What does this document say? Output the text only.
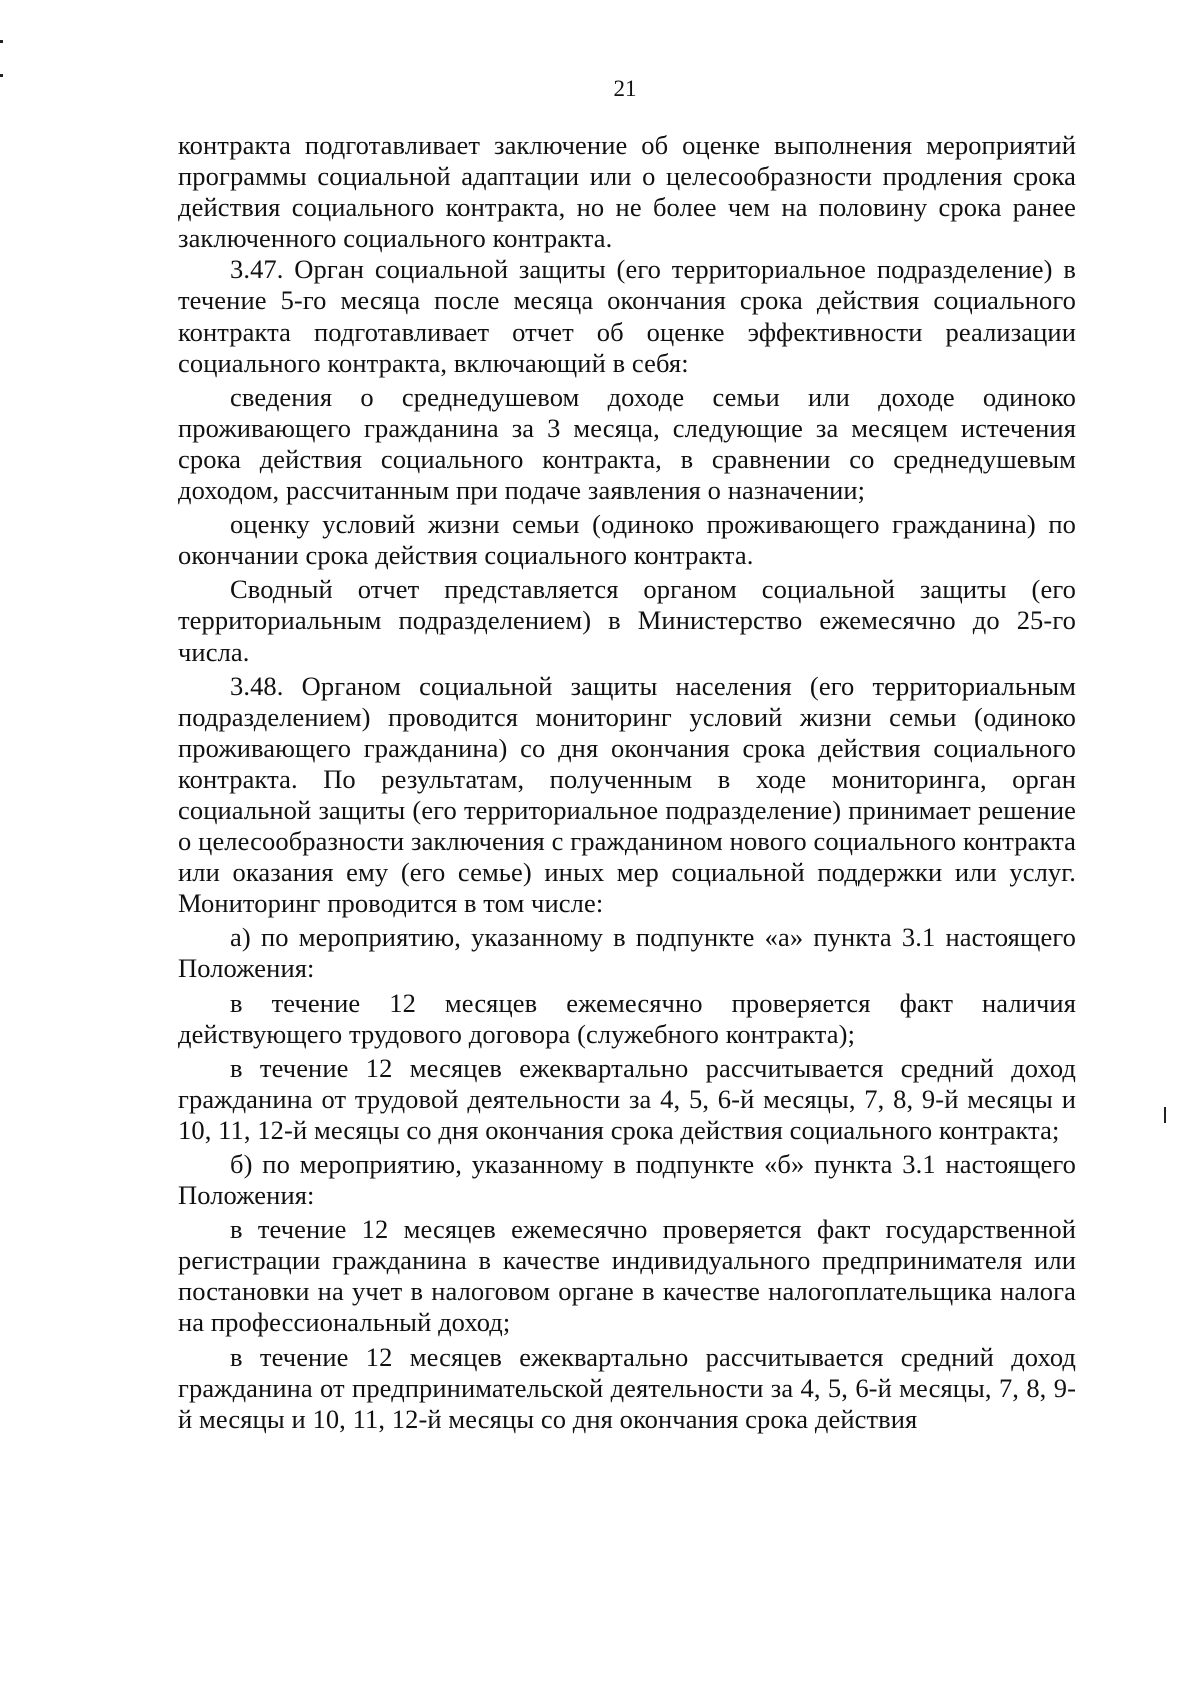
21

контракта подготавливает заключение об оценке выполнения мероприятий программы социальной адаптации или о целесообразности продления срока действия социального контракта, но не более чем на половину срока ранее заключенного социального контракта.

3.47. Орган социальной защиты (его территориальное подразделение) в течение 5-го месяца после месяца окончания срока действия социального контракта подготавливает отчет об оценке эффективности реализации социального контракта, включающий в себя:

сведения о среднедушевом доходе семьи или доходе одиноко проживающего гражданина за 3 месяца, следующие за месяцем истечения срока действия социального контракта, в сравнении со среднедушевым доходом, рассчитанным при подаче заявления о назначении;

оценку условий жизни семьи (одиноко проживающего гражданина) по окончании срока действия социального контракта.

Сводный отчет представляется органом социальной защиты (его территориальным подразделением) в Министерство ежемесячно до 25-го числа.

3.48. Органом социальной защиты населения (его территориальным подразделением) проводится мониторинг условий жизни семьи (одиноко проживающего гражданина) со дня окончания срока действия социального контракта. По результатам, полученным в ходе мониторинга, орган социальной защиты (его территориальное подразделение) принимает решение о целесообразности заключения с гражданином нового социального контракта или оказания ему (его семье) иных мер социальной поддержки или услуг. Мониторинг проводится в том числе:

а) по мероприятию, указанному в подпункте «а» пункта 3.1 настоящего Положения:

в течение 12 месяцев ежемесячно проверяется факт наличия действующего трудового договора (служебного контракта);

в течение 12 месяцев ежеквартально рассчитывается средний доход гражданина от трудовой деятельности за 4, 5, 6-й месяцы, 7, 8, 9-й месяцы и 10, 11, 12-й месяцы со дня окончания срока действия социального контракта;

б) по мероприятию, указанному в подпункте «б» пункта 3.1 настоящего Положения:

в течение 12 месяцев ежемесячно проверяется факт государственной регистрации гражданина в качестве индивидуального предпринимателя или постановки на учет в налоговом органе в качестве налогоплательщика налога на профессиональный доход;

в течение 12 месяцев ежеквартально рассчитывается средний доход гражданина от предпринимательской деятельности за 4, 5, 6-й месяцы, 7, 8, 9-й месяцы и 10, 11, 12-й месяцы со дня окончания срока действия
